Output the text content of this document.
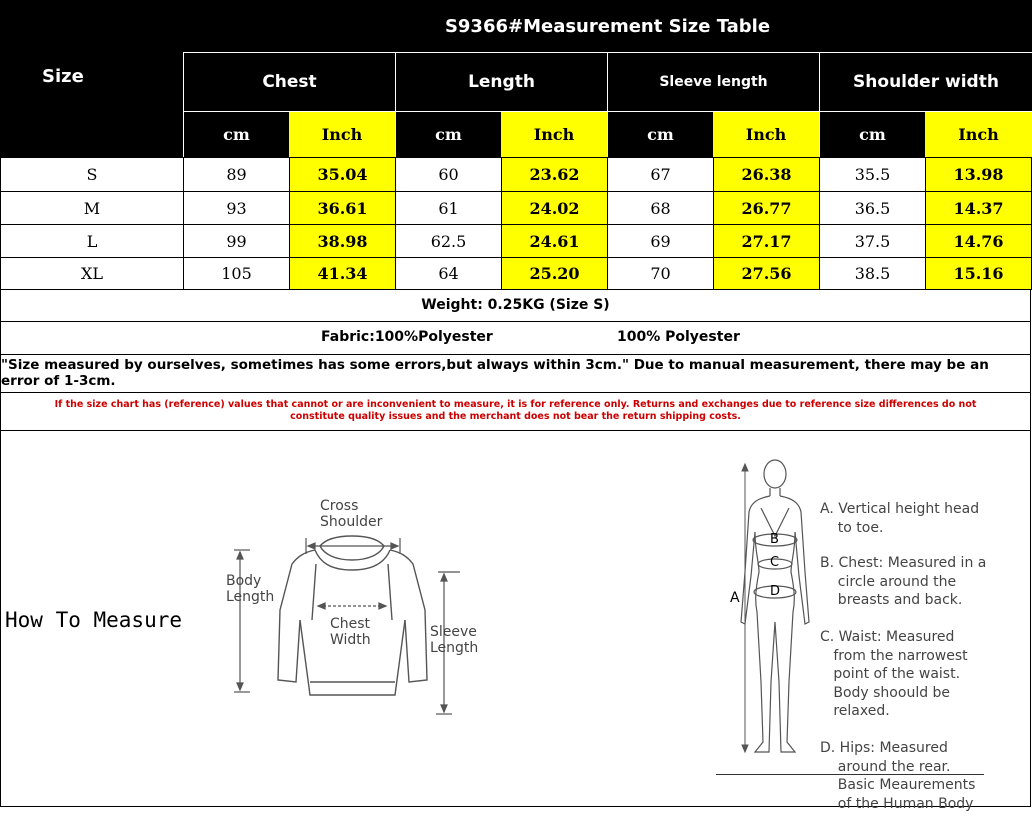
Size
S9366#Measurement Size Table
Chest	Length	Sleeve length	Shoulder width
cm	Inch	cm	Inch	cm	Inch	cm	Inch
S	89	35.04	60	23.62	67	26.38	35.5	13.98
M	93	36.61	61	24.02	68	26.77	36.5	14.37
L	99	38.98	62.5	24.61	69	27.17	37.5	14.76
XL	105	41.34	64	25.20	70	27.56	38.5	15.16
Weight: 0.25KG (Size S)
Fabric:100%Polyester	100% Polyester
"Size measured by ourselves, sometimes has some errors,but always within 3cm." Due to manual measurement, there may be an error of 1-3cm.
If the size chart has (reference) values that cannot or are inconvenient to measure, it is for reference only. Returns and exchanges due to reference size differences do not
constitute quality issues and the merchant does not bear the return shipping costs.
How To Measure
Cross
Shoulder
Body
Length
Chest
Width	Sleeve
Length
A
B
C
D

A. Vertical height head
to toe.

B. Chest: Measured in a
circle around the
breasts and back.

C. Waist: Measured
from the narrowest
point of the waist.
Body shoould be
relaxed.

D. Hips: Measured
around the rear.
Basic Meaurements
of the Human Body
